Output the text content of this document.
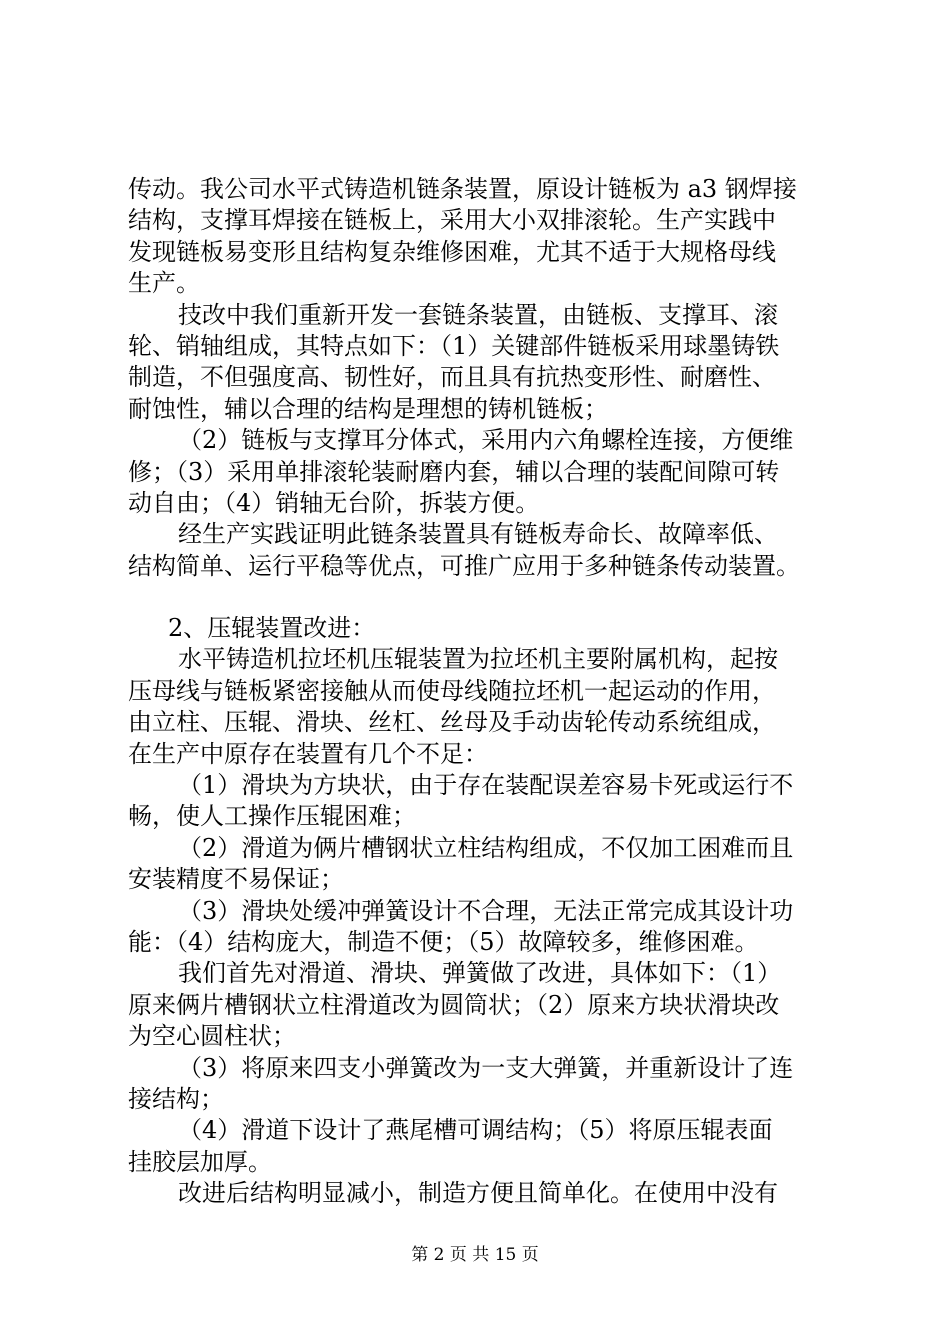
传动。我公司水平式铸造机链条装置，原设计链板为 a3 钢焊接
结构，支撑耳焊接在链板上，采用大小双排滚轮。生产实践中
发现链板易变形且结构复杂维修困难，尤其不适于大规格母线
生产。
技改中我们重新开发一套链条装置，由链板、支撑耳、滚
轮、销轴组成，其特点如下：（1）关键部件链板采用球墨铸铁
制造，不但强度高、韧性好，而且具有抗热变形性、耐磨性、
耐蚀性，辅以合理的结构是理想的铸机链板；
（2）链板与支撑耳分体式，采用内六角螺栓连接，方便维
修；（3）采用单排滚轮装耐磨内套，辅以合理的装配间隙可转
动自由；（4）销轴无台阶，拆装方便。
经生产实践证明此链条装置具有链板寿命长、故障率低、
结构简单、运行平稳等优点，可推广应用于多种链条传动装置。
2、压辊装置改进：
水平铸造机拉坯机压辊装置为拉坯机主要附属机构，起按
压母线与链板紧密接触从而使母线随拉坯机一起运动的作用，
由立柱、压辊、滑块、丝杠、丝母及手动齿轮传动系统组成，
在生产中原存在装置有几个不足：
（1）滑块为方块状，由于存在装配误差容易卡死或运行不
畅，使人工操作压辊困难；
（2）滑道为俩片槽钢状立柱结构组成，不仅加工困难而且
安装精度不易保证；
（3）滑块处缓冲弹簧设计不合理，无法正常完成其设计功
能：（4）结构庞大，制造不便；（5）故障较多，维修困难。
我们首先对滑道、滑块、弹簧做了改进，具体如下：（1）
原来俩片槽钢状立柱滑道改为圆筒状；（2）原来方块状滑块改
为空心圆柱状；
（3）将原来四支小弹簧改为一支大弹簧，并重新设计了连
接结构；
（4）滑道下设计了燕尾槽可调结构；（5）将原压辊表面
挂胶层加厚。
改进后结构明显减小，制造方便且简单化。在使用中没有
第 2 页 共 15 页
